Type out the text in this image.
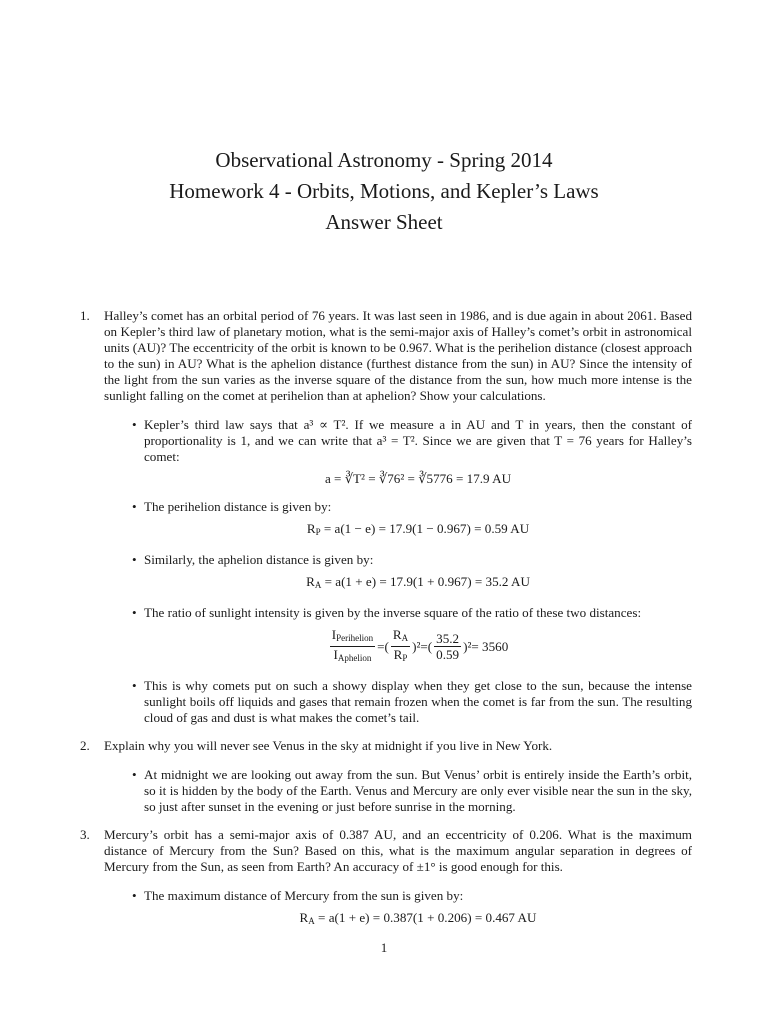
Observational Astronomy - Spring 2014
Homework 4 - Orbits, Motions, and Kepler’s Laws
Answer Sheet
1. Halley’s comet has an orbital period of 76 years. It was last seen in 1986, and is due again in about 2061. Based on Kepler’s third law of planetary motion, what is the semi-major axis of Halley’s comet’s orbit in astronomical units (AU)? The eccentricity of the orbit is known to be 0.967. What is the perihelion distance (closest approach to the sun) in AU? What is the aphelion distance (furthest distance from the sun) in AU? Since the intensity of the light from the sun varies as the inverse square of the distance from the sun, how much more intense is the sunlight falling on the comet at perihelion than at aphelion? Show your calculations.

• Kepler’s third law says that a³ ∝ T². If we measure a in AU and T in years, then the constant of proportionality is 1, and we can write that a³ = T². Since we are given that T = 76 years for Halley’s comet:
a = ∛T² = ∛76² = ∛5776 = 17.9 AU
• The perihelion distance is given by:
$R_P = a(1 - e) = 17.9(1 - 0.967) = 0.59$ AU
• Similarly, the aphelion distance is given by:
$R_A = a(1 + e) = 17.9(1 + 0.967) = 35.2$ AU
• The ratio of sunlight intensity is given by the inverse square of the ratio of these two distances:
$\frac{I_{Perihelion}}{I_{Aphelion}}$ = ( $\frac{R_A}{R_P} )^2$ = ( $\frac{35.2}{0.59} )^2 = 3560$
• This is why comets put on such a showy display when they get close to the sun, because the intense sunlight boils off liquids and gases that remain frozen when the comet is far from the sun. The resulting cloud of gas and dust is what makes the comet’s tail.
2. Explain why you will never see Venus in the sky at midnight if you live in New York.

• At midnight we are looking out away from the sun. But Venus’ orbit is entirely inside the Earth’s orbit, so it is hidden by the body of the Earth. Venus and Mercury are only ever visible near the sun in the sky, so just after sunset in the evening or just before sunrise in the morning.
3. Mercury’s orbit has a semi-major axis of 0.387 AU, and an eccentricity of 0.206. What is the maximum distance of Mercury from the Sun? Based on this, what is the maximum angular separation in degrees of Mercury from the Sun, as seen from Earth? An accuracy of ±1° is good enough for this.

• The maximum distance of Mercury from the sun is given by:
$R_A = a(1 + e) = 0.387(1 + 0.206) = 0.467$ AU
1
